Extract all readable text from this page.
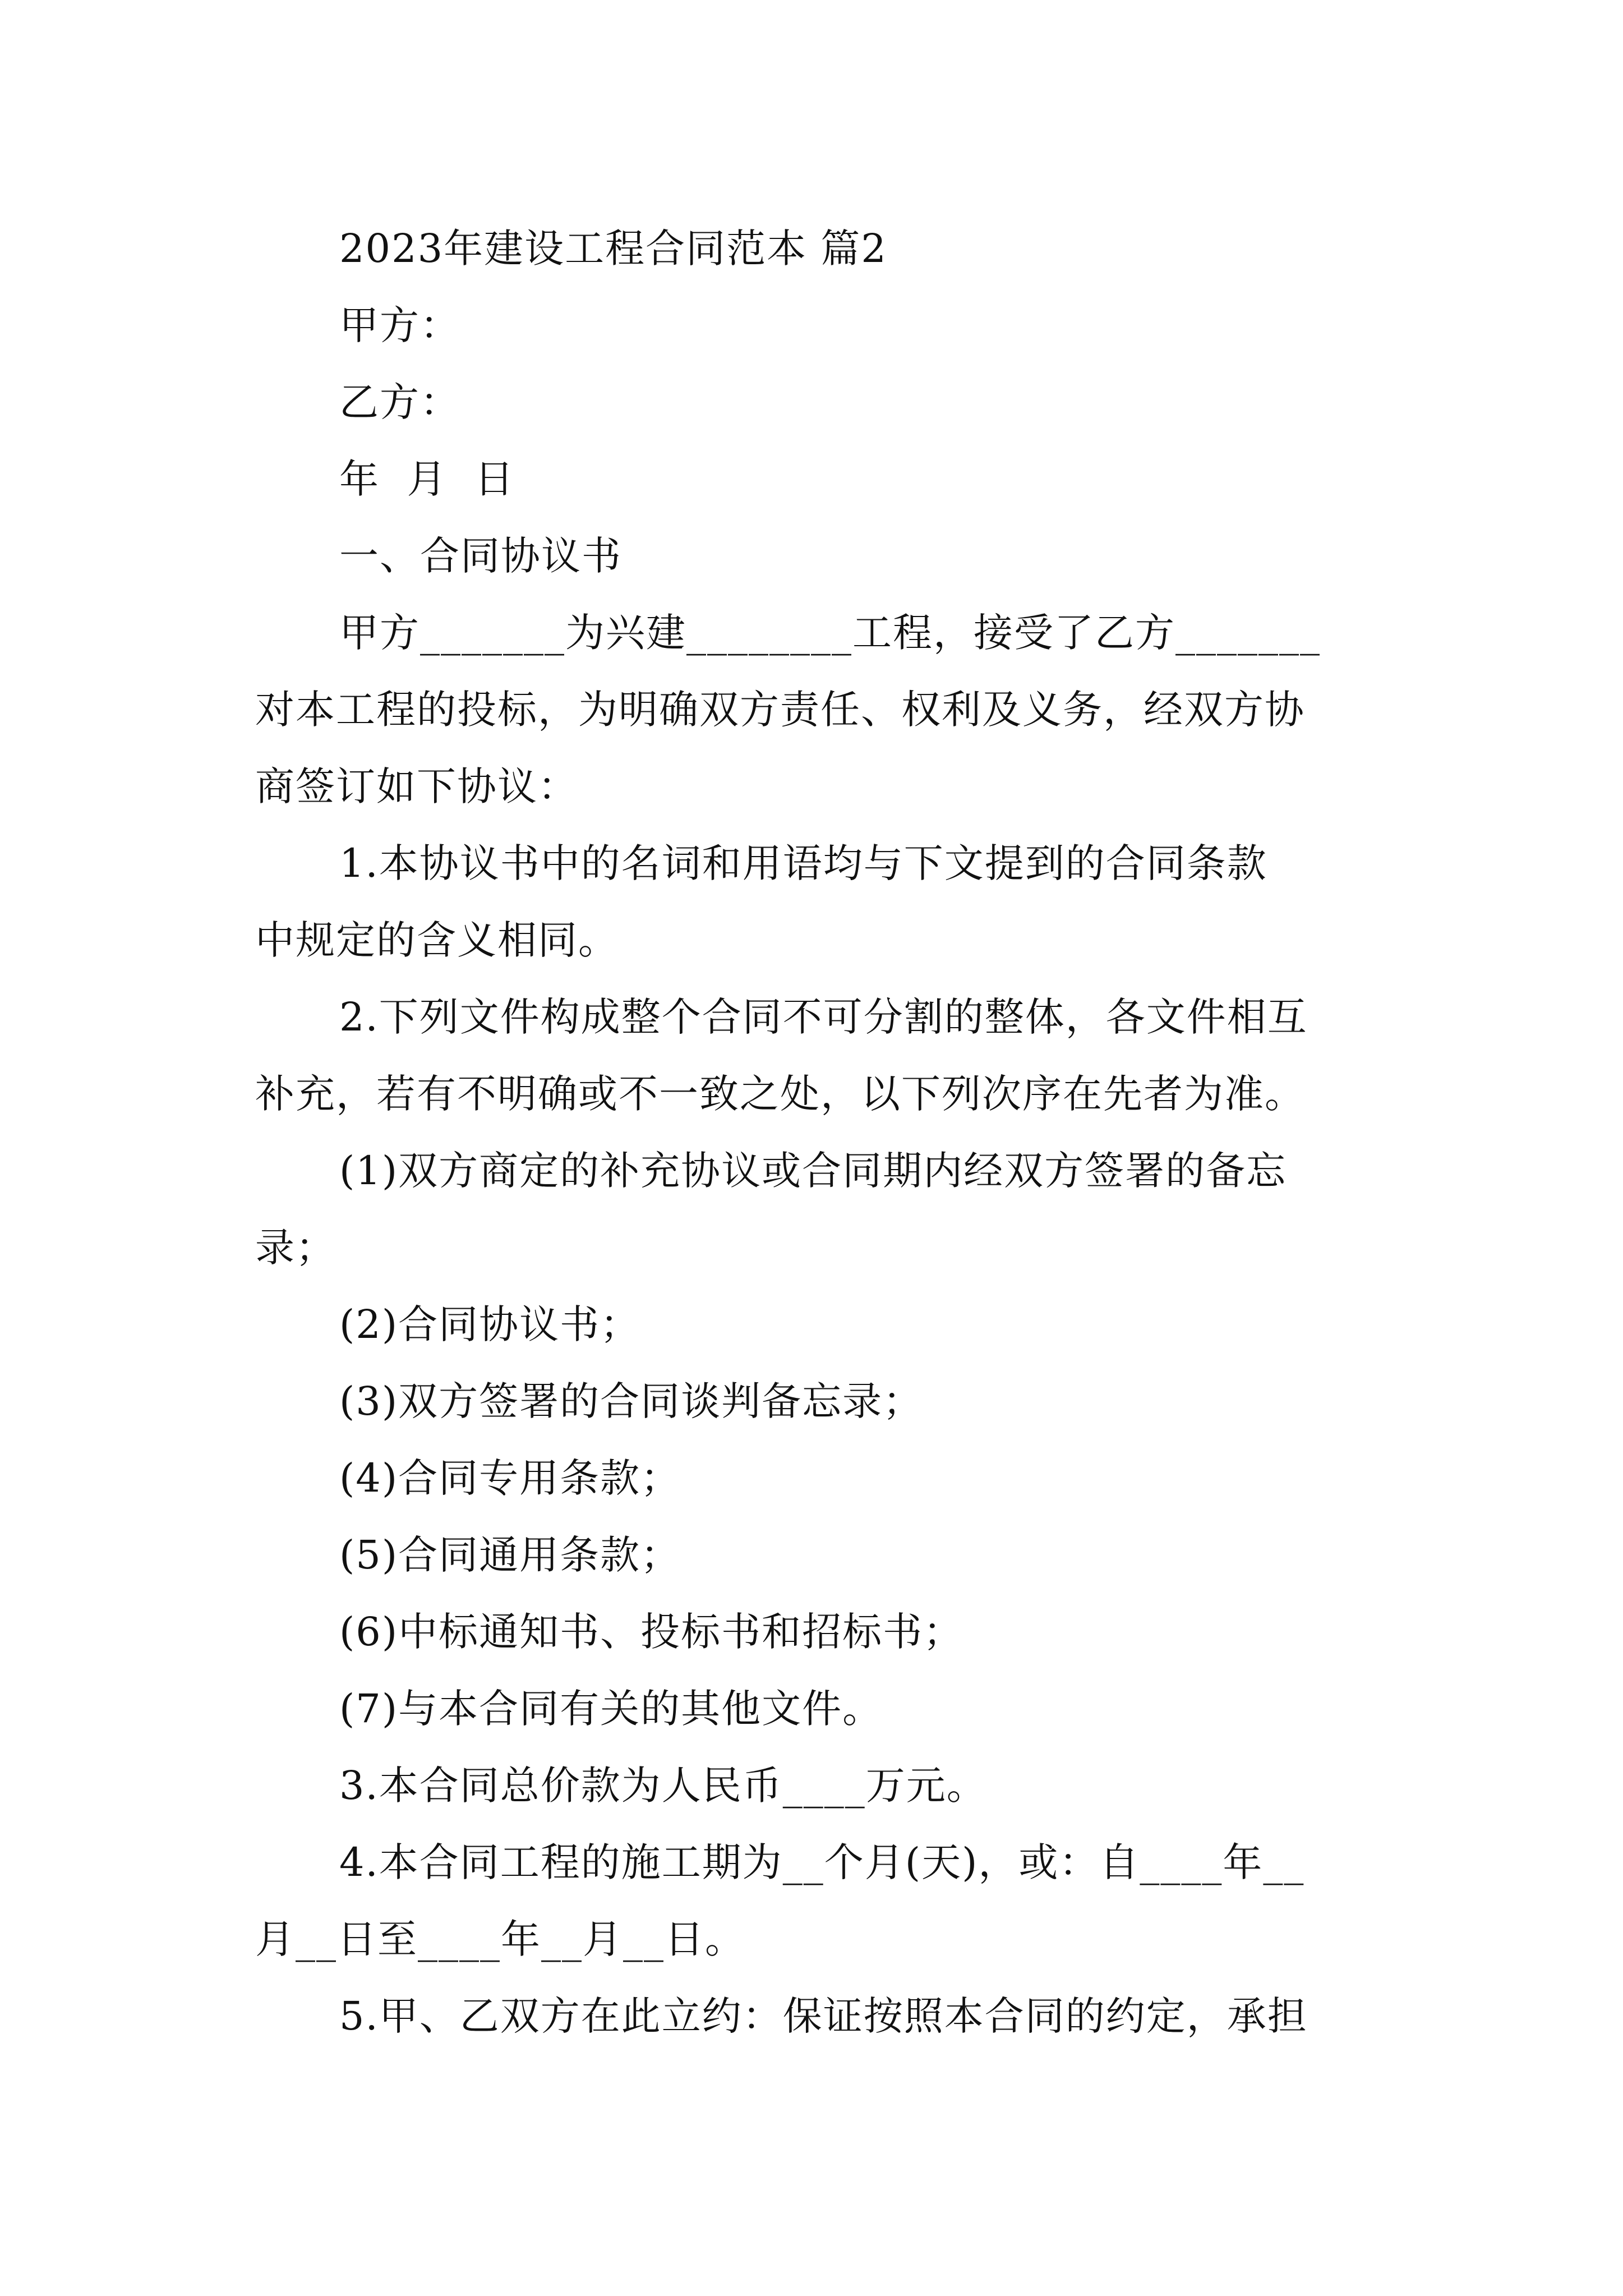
2023年建设工程合同范本 篇2
甲方：
乙方：
年  月  日
一、合同协议书
甲方_______为兴建________工程，接受了乙方_______
对本工程的投标，为明确双方责任、权利及义务，经双方协
商签订如下协议：
1.本协议书中的名词和用语均与下文提到的合同条款
中规定的含义相同。
2.下列文件构成整个合同不可分割的整体，各文件相互
补充，若有不明确或不一致之处，以下列次序在先者为准。
(1)双方商定的补充协议或合同期内经双方签署的备忘
录；
(2)合同协议书；
(3)双方签署的合同谈判备忘录；
(4)合同专用条款；
(5)合同通用条款；
(6)中标通知书、投标书和招标书；
(7)与本合同有关的其他文件。
3.本合同总价款为人民币____万元。
4.本合同工程的施工期为__个月(天)，或：自____年__
月__日至____年__月__日。
5.甲、乙双方在此立约：保证按照本合同的约定，承担
